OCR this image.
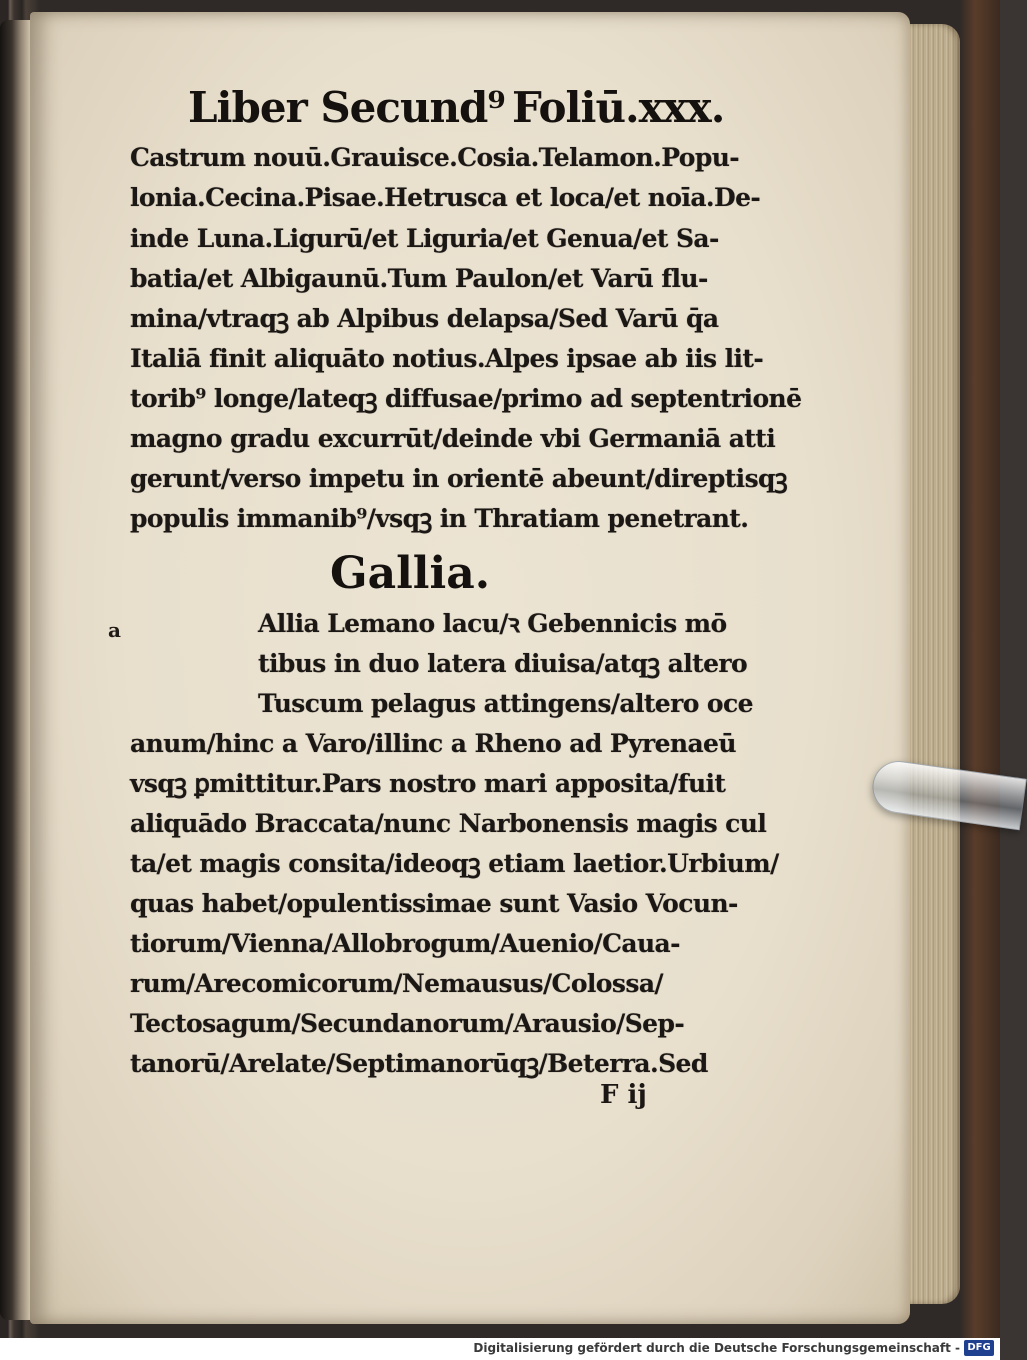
Liber Secund⁹ Foliū.xxx.
Castrum nouū.Grauisce.Cosia.Telamon.Popu-
lonia.Cecina.Pisae.Hetrusca et loca/et noīa.De-
inde Luna.Ligurū/et Liguria/et Genua/et Sa-
batia/et Albigaunū.Tum Paulon/et Varū flu-
mina/vtraqꝫ ab Alpibus delapsa/Sed Varū q̄a
Italiā finit aliquāto notius.Alpes ipsae ab iis lit-
torib⁹ longe/lateqꝫ diffusae/primo ad septentrionē
magno gradu excurrūt/deinde vbi Germaniā atti
gerunt/verso impetu in orientē abeunt/direptisqꝫ
populis immanib⁹/vsqꝫ in Thratiam penetrant.
Gallia.
a	Allia Lemano lacu/ꝛ Gebennicis mō
tibus in duo latera diuisa/atqꝫ altero
Tuscum pelagus attingens/altero oce
anum/hinc a Varo/illinc a Rheno ad Pyrenaeū
vsqꝫ ꝑmittitur.Pars nostro mari apposita/fuit
aliquādo Braccata/nunc Narbonensis magis cul
ta/et magis consita/ideoqꝫ etiam laetior.Urbium/
quas habet/opulentissimae sunt Vasio Vocun-
tiorum/Vienna/Allobrogum/Auenio/Caua-
rum/Arecomicorum/Nemausus/Colossa/
Tectosagum/Secundanorum/Arausio/Sep-
tanorū/Arelate/Septimanorūqꝫ/Beterra.Sed
F ij
Digitalisierung gefördert durch die Deutsche Forschungsgemeinschaft - DFG
